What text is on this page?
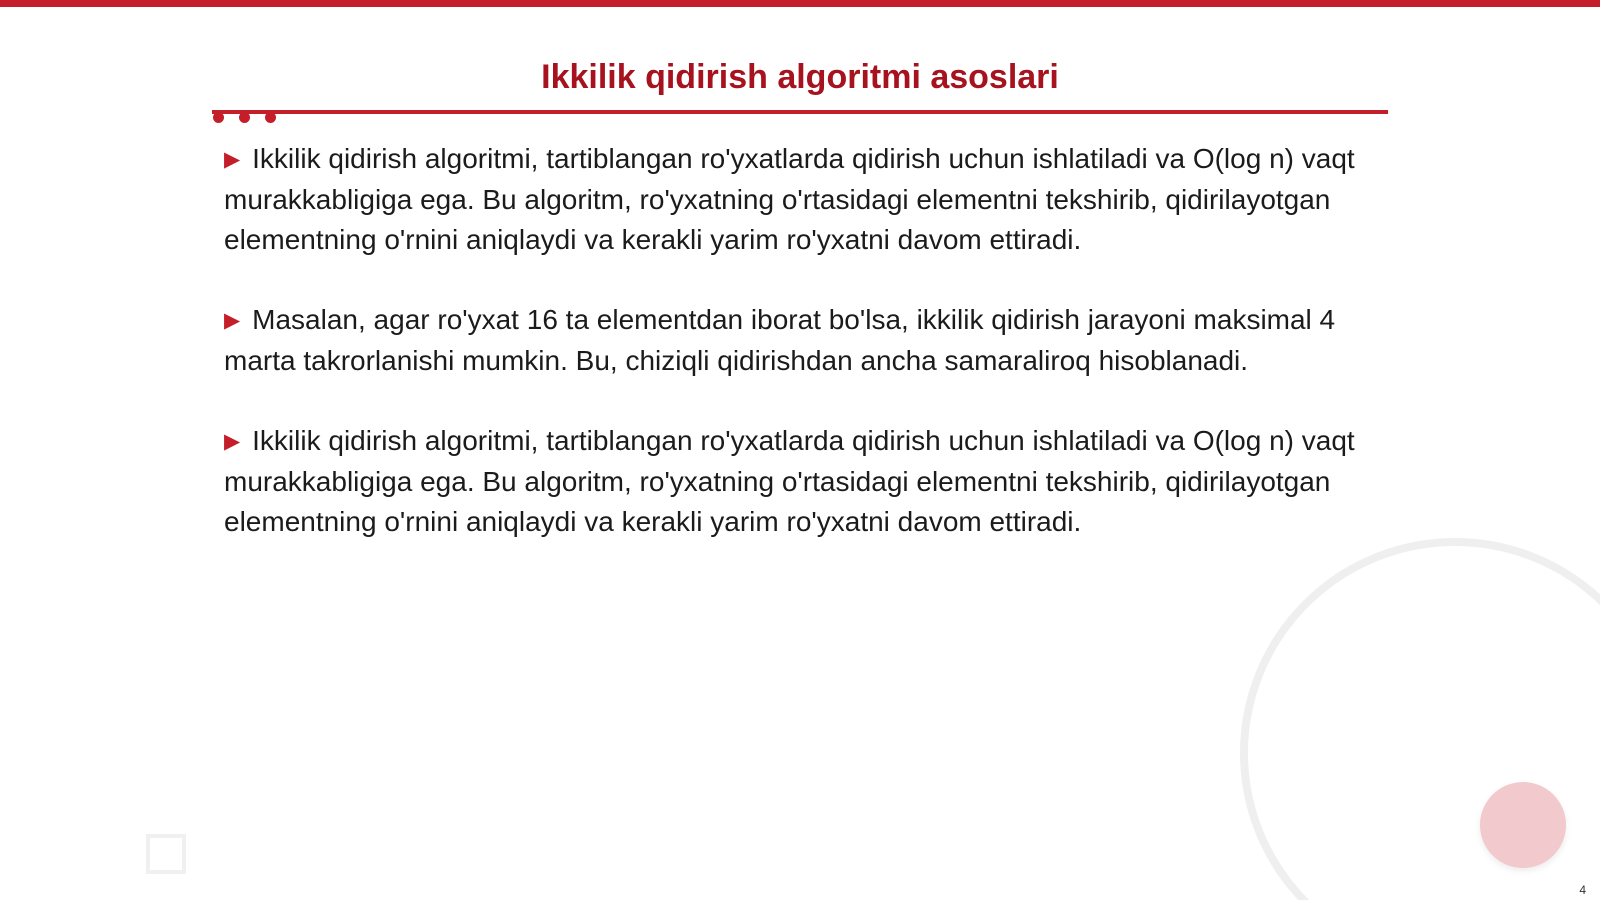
Ikkilik qidirish algoritmi asoslari

▶ Ikkilik qidirish algoritmi, tartiblangan ro'yxatlarda qidirish uchun ishlatiladi va O(log n) vaqt murakkabligiga ega. Bu algoritm, ro'yxatning o'rtasidagi elementni tekshirib, qidirilayotgan elementning o'rnini aniqlaydi va kerakli yarim ro'yxatni davom ettiradi.

▶ Masalan, agar ro'yxat 16 ta elementdan iborat bo'lsa, ikkilik qidirish jarayoni maksimal 4 marta takrorlanishi mumkin. Bu, chiziqli qidirishdan ancha samaraliroq hisoblanadi.

▶ Ikkilik qidirish algoritmi, tartiblangan ro'yxatlarda qidirish uchun ishlatiladi va O(log n) vaqt murakkabligiga ega. Bu algoritm, ro'yxatning o'rtasidagi elementni tekshirib, qidirilayotgan elementning o'rnini aniqlaydi va kerakli yarim ro'yxatni davom ettiradi.

4
